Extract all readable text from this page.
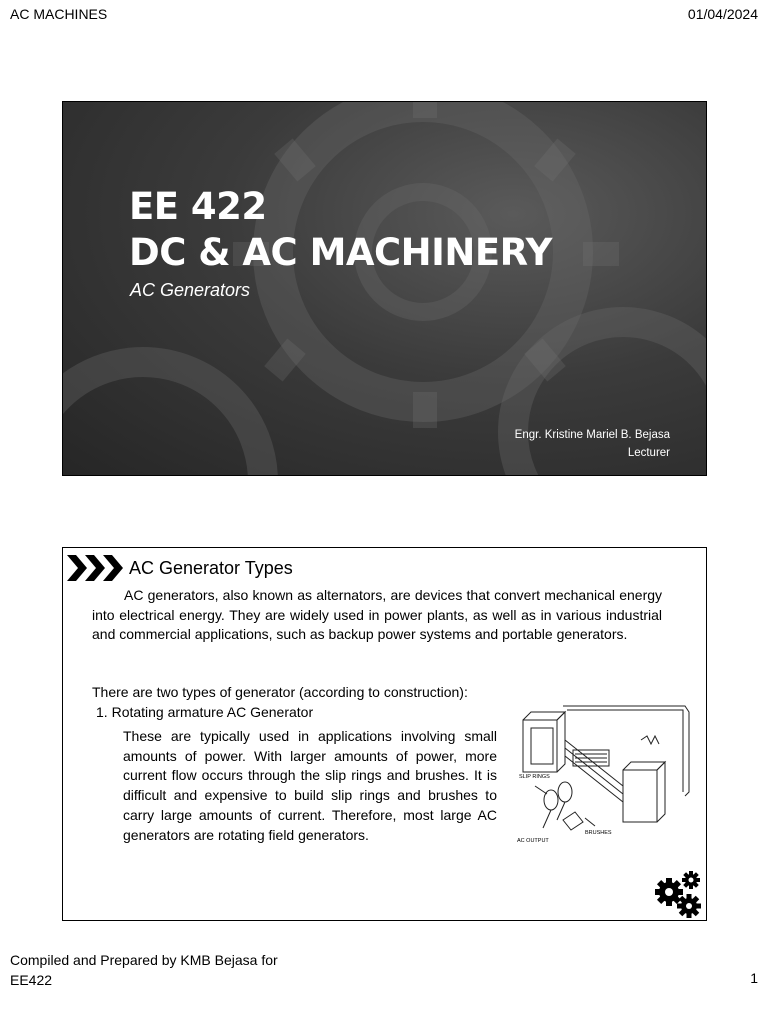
AC MACHINES	01/04/2024
EE 422
DC & AC MACHINERY
AC Generators
Engr. Kristine Mariel B. Bejasa
Lecturer
AC Generator Types
AC generators, also known as alternators, are devices that convert mechanical energy into electrical energy. They are widely used in power plants, as well as in various industrial and commercial applications, such as backup power systems and portable generators.
There are two types of generator (according to construction):
1. Rotating armature AC Generator
These are typically used in applications involving small amounts of power. With larger amounts of power, more current flow occurs through the slip rings and brushes. It is difficult and expensive to build slip rings and brushes to carry large amounts of current. Therefore, most large AC generators are rotating field generators.
SLIP RINGS
BRUSHES
AC OUTPUT
Compiled and Prepared by KMB Bejasa for
EE422	1
